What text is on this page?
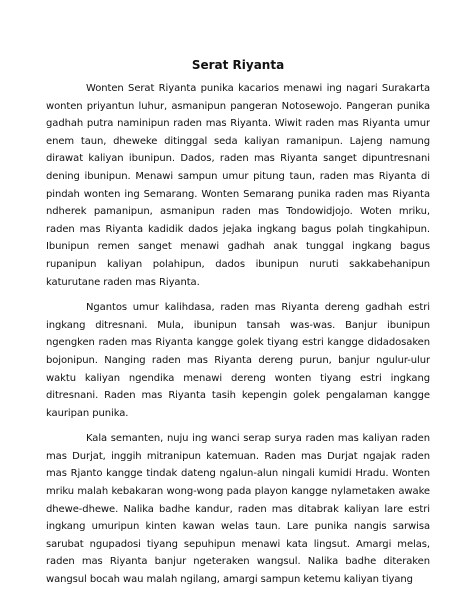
Serat Riyanta
Wonten Serat Riyanta punika kacarios menawi ing nagari Surakarta
wonten priyantun luhur, asmanipun pangeran Notosewojo. Pangeran punika
gadhah putra naminipun raden mas Riyanta. Wiwit raden mas Riyanta umur
enem taun, dheweke ditinggal seda kaliyan ramanipun. Lajeng namung
dirawat kaliyan ibunipun. Dados, raden mas Riyanta sanget dipuntresnani
dening ibunipun. Menawi sampun umur pitung taun, raden mas Riyanta di
pindah wonten ing Semarang. Wonten Semarang punika raden mas Riyanta
ndherek pamanipun, asmanipun raden mas Tondowidjojo. Woten mriku,
raden mas Riyanta kadidik dados jejaka ingkang bagus polah tingkahipun.
Ibunipun remen sanget menawi gadhah anak tunggal ingkang bagus
rupanipun kaliyan polahipun, dados ibunipun nuruti sakkabehanipun
katurutane raden mas Riyanta.
Ngantos umur kalihdasa, raden mas Riyanta dereng gadhah estri
ingkang ditresnani. Mula, ibunipun tansah was-was. Banjur ibunipun
ngengken raden mas Riyanta kangge golek tiyang estri kangge didadosaken
bojonipun. Nanging raden mas Riyanta dereng purun, banjur ngulur-ulur
waktu kaliyan ngendika menawi dereng wonten tiyang estri ingkang
ditresnani. Raden mas Riyanta tasih kepengin golek pengalaman kangge
kauripan punika.
Kala semanten, nuju ing wanci serap surya raden mas kaliyan raden
mas Durjat, inggih mitranipun katemuan. Raden mas Durjat ngajak raden
mas Rjanto kangge tindak dateng ngalun-alun ningali kumidi Hradu. Wonten
mriku malah kebakaran wong-wong pada playon kangge nylametaken awake
dhewe-dhewe. Nalika badhe kandur, raden mas ditabrak kaliyan lare estri
ingkang umuripun kinten kawan welas taun. Lare punika nangis sarwisa
sarubat ngupadosi tiyang sepuhipun menawi kata lingsut. Amargi melas,
raden mas Riyanta banjur ngeteraken wangsul. Nalika badhe diteraken
wangsul bocah wau malah ngilang, amargi sampun ketemu kaliyan tiyang
